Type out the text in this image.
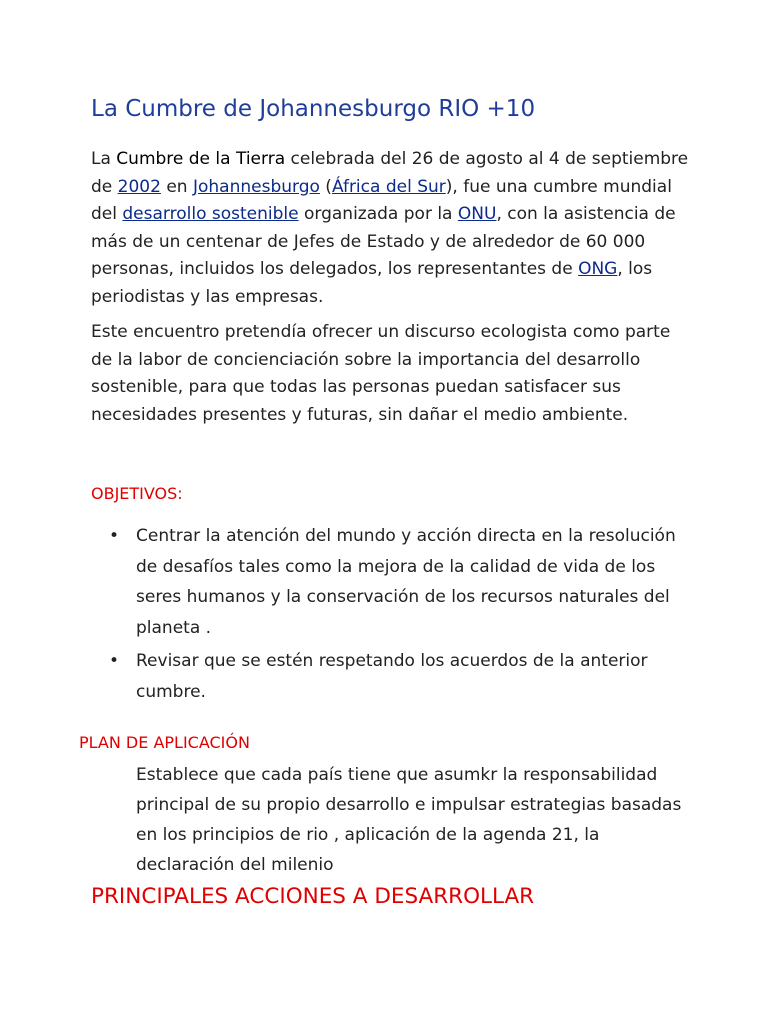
La Cumbre de Johannesburgo RIO +10

La Cumbre de la Tierra celebrada del 26 de agosto al 4 de septiembre de 2002 en Johannesburgo (África del Sur), fue una cumbre mundial del desarrollo sostenible organizada por la ONU, con la asistencia de más de un centenar de Jefes de Estado y de alrededor de 60 000 personas, incluidos los delegados, los representantes de ONG, los periodistas y las empresas.

Este encuentro pretendía ofrecer un discurso ecologista como parte de la labor de concienciación sobre la importancia del desarrollo sostenible, para que todas las personas puedan satisfacer sus necesidades presentes y futuras, sin dañar el medio ambiente.

OBJETIVOS:
• Centrar la atención del mundo y acción directa en la resolución de desafíos tales como la mejora de la calidad de vida de los seres humanos y la conservación de los recursos naturales del planeta .
• Revisar que se estén respetando los acuerdos de la anterior cumbre.
PLAN DE APLICACIÓN

Establece que cada país tiene que asumkr la responsabilidad principal de su propio desarrollo e impulsar estrategias basadas en los principios de rio , aplicación de la agenda 21, la declaración del milenio

PRINCIPALES ACCIONES A DESARROLLAR
